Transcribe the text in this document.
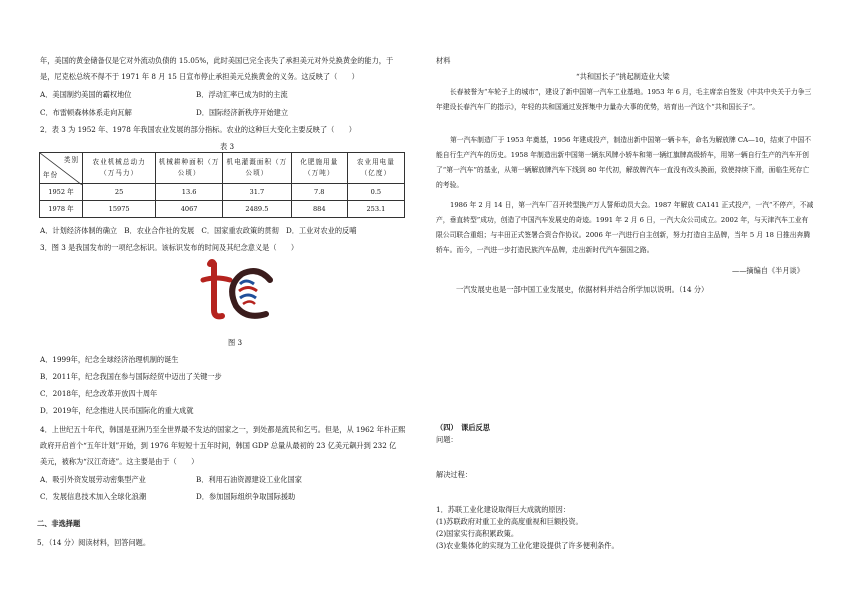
年，美国的黄金储备仅是它对外流动负债的 15.05%，此时美国已完全丧失了承担美元对外兑换黄金的能力，于

是，尼克松总统不得不于 1971 年 8 月 15 日宣布停止承担美元兑换黄金的义务。这反映了（　　）

A．美国制约美国的霸权地位	B．浮动汇率已成为时的主流

C．布雷顿森林体系走向瓦解	D．国际经济新秩序开始建立

2．表 3 为 1952 年、1978 年我国农业发展的部分指标。农业的这种巨大变化主要反映了（　　）

表 3

类别
年份	农业机械总动力（万马力）	机械耕种面积（万公顷）	机电灌溉面积（万公顷）	化肥施用量（万吨）	农业用电量（亿度）
1952 年	25	13.6	31.7	7.8	0.5
1978 年	15975	4067	2489.5	884	253.1

A．计划经济体制的确立　B．农业合作社的发展　C．国家重农政策的贯彻　D．工业对农业的反哺

3．图 3 是我国发布的一项纪念标识。该标识发布的时间及其纪念意义是（　　）

图 3

A．1999年，纪念全球经济治理机制的诞生

B．2011年，纪念我国在参与国际经贸中迈出了关键一步

C．2018年，纪念改革开放四十周年

D．2019年，纪念推进人民币国际化的重大成就

4．上世纪五十年代，韩国是亚洲乃至全世界最不发达的国家之一，到处都是流民和乞丐。但是，从 1962 年朴正熙

政府开启首个“五年计划”开始，到 1976 年短短十五年时间，韩国 GDP 总量从最初的 23 亿美元飙升到 232 亿

美元，被称为“汉江奇迹”。这主要是由于（　　）

A．吸引外资发展劳动密集型产业	B．利用石油资源建设工业化国家

C．发展信息技术加入全球化浪潮	D．参加国际组织争取国际援助

二、非选择题

5．（14 分）阅读材料，回答问题。

材料

“共和国长子”挑起制造业大梁

长春被誉为“车轮子上的城市”，建设了新中国第一汽车工业基地。1953 年 6 月，毛主席亲自签发《中共中央关于力争三年建设长春汽车厂的指示》，年轻的共和国通过发挥集中力量办大事的优势，培育出一汽这个“共和国长子”。

第一汽车制造厂于 1953 年奠基，1956 年建成投产，制造出新中国第一辆卡车，命名为解放牌 CA—10，结束了中国不能自行生产汽车的历史。1958 年制造出新中国第一辆东风牌小轿车和第一辆红旗牌高级轿车，用第一辆自行生产的汽车开创了“第一汽车”的基业，从第一辆解放牌汽车下线到 80 年代初，解放牌汽车一直没有改头换面，致使持续下滑，面临生死存亡的考验。

1986 年 2 月 14 日，第一汽车厂召开转型换产万人誓师动员大会。1987 年解放 CA141 正式投产，一汽“不停产，不减产，垂直转型”成功，创造了中国汽车发展史的奇迹。1991 年 2 月 6 日，一汽大众公司成立。2002 年，与天津汽车工业有限公司联合重组；与丰田正式签署合资合作协议。2006 年一汽进行自主创新，努力打造自主品牌，当年 5 月 18 日推出奔腾轿车。而今，一汽进一步打造民族汽车品牌，走出新时代汽车强国之路。

——摘编自《半月谈》

一汽发展史也是一部中国工业发展史，依据材料并结合所学加以说明。（14 分）

（四）　课后反思

问题：

解决过程：

1．苏联工业化建设取得巨大成就的原因：

(1)苏联政府对重工业的高度重视和巨额投资。

(2)国家实行高积累政策。

(3)农业集体化的实现为工业化建设提供了许多便利条件。
